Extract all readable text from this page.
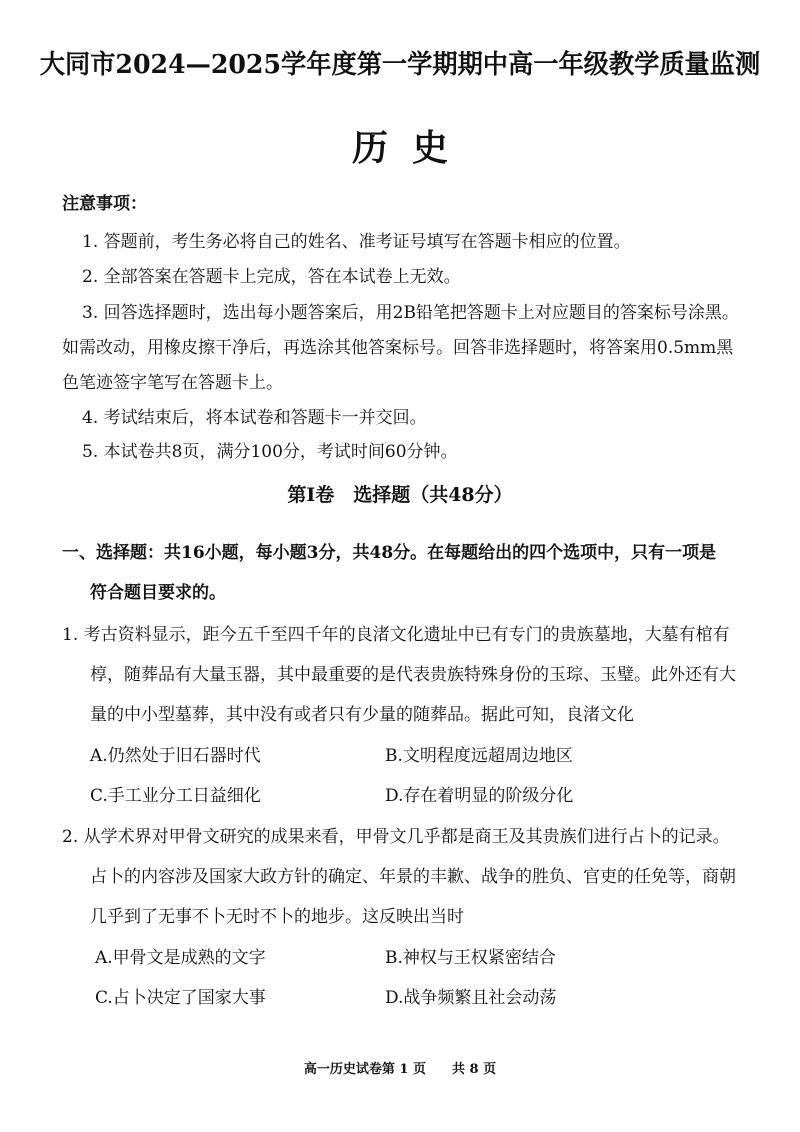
大同市2024—2025学年度第一学期期中高一年级教学质量监测
历史
注意事项：
1. 答题前，考生务必将自己的姓名、准考证号填写在答题卡相应的位置。
2. 全部答案在答题卡上完成，答在本试卷上无效。
3. 回答选择题时，选出每小题答案后，用2B铅笔把答题卡上对应题目的答案标号涂黑。
如需改动，用橡皮擦干净后，再选涂其他答案标号。回答非选择题时，将答案用0.5mm黑
色笔迹签字笔写在答题卡上。
4. 考试结束后，将本试卷和答题卡一并交回。
5. 本试卷共8页，满分100分，考试时间60分钟。
第Ⅰ卷　选择题（共48分）
一、选择题：共16小题，每小题3分，共48分。在每题给出的四个选项中，只有一项是
符合题目要求的。
1. 考古资料显示，距今五千至四千年的良渚文化遗址中已有专门的贵族墓地，大墓有棺有
椁，随葬品有大量玉器，其中最重要的是代表贵族特殊身份的玉琮、玉璧。此外还有大
量的中小型墓葬，其中没有或者只有少量的随葬品。据此可知，良渚文化
A.仍然处于旧石器时代	B.文明程度远超周边地区
C.手工业分工日益细化	D.存在着明显的阶级分化
2. 从学术界对甲骨文研究的成果来看，甲骨文几乎都是商王及其贵族们进行占卜的记录。
占卜的内容涉及国家大政方针的确定、年景的丰歉、战争的胜负、官吏的任免等，商朝
几乎到了无事不卜无时不卜的地步。这反映出当时
A.甲骨文是成熟的文字	B.神权与王权紧密结合
C.占卜决定了国家大事	D.战争频繁且社会动荡
高一历史试卷第 1 页　　共 8 页
